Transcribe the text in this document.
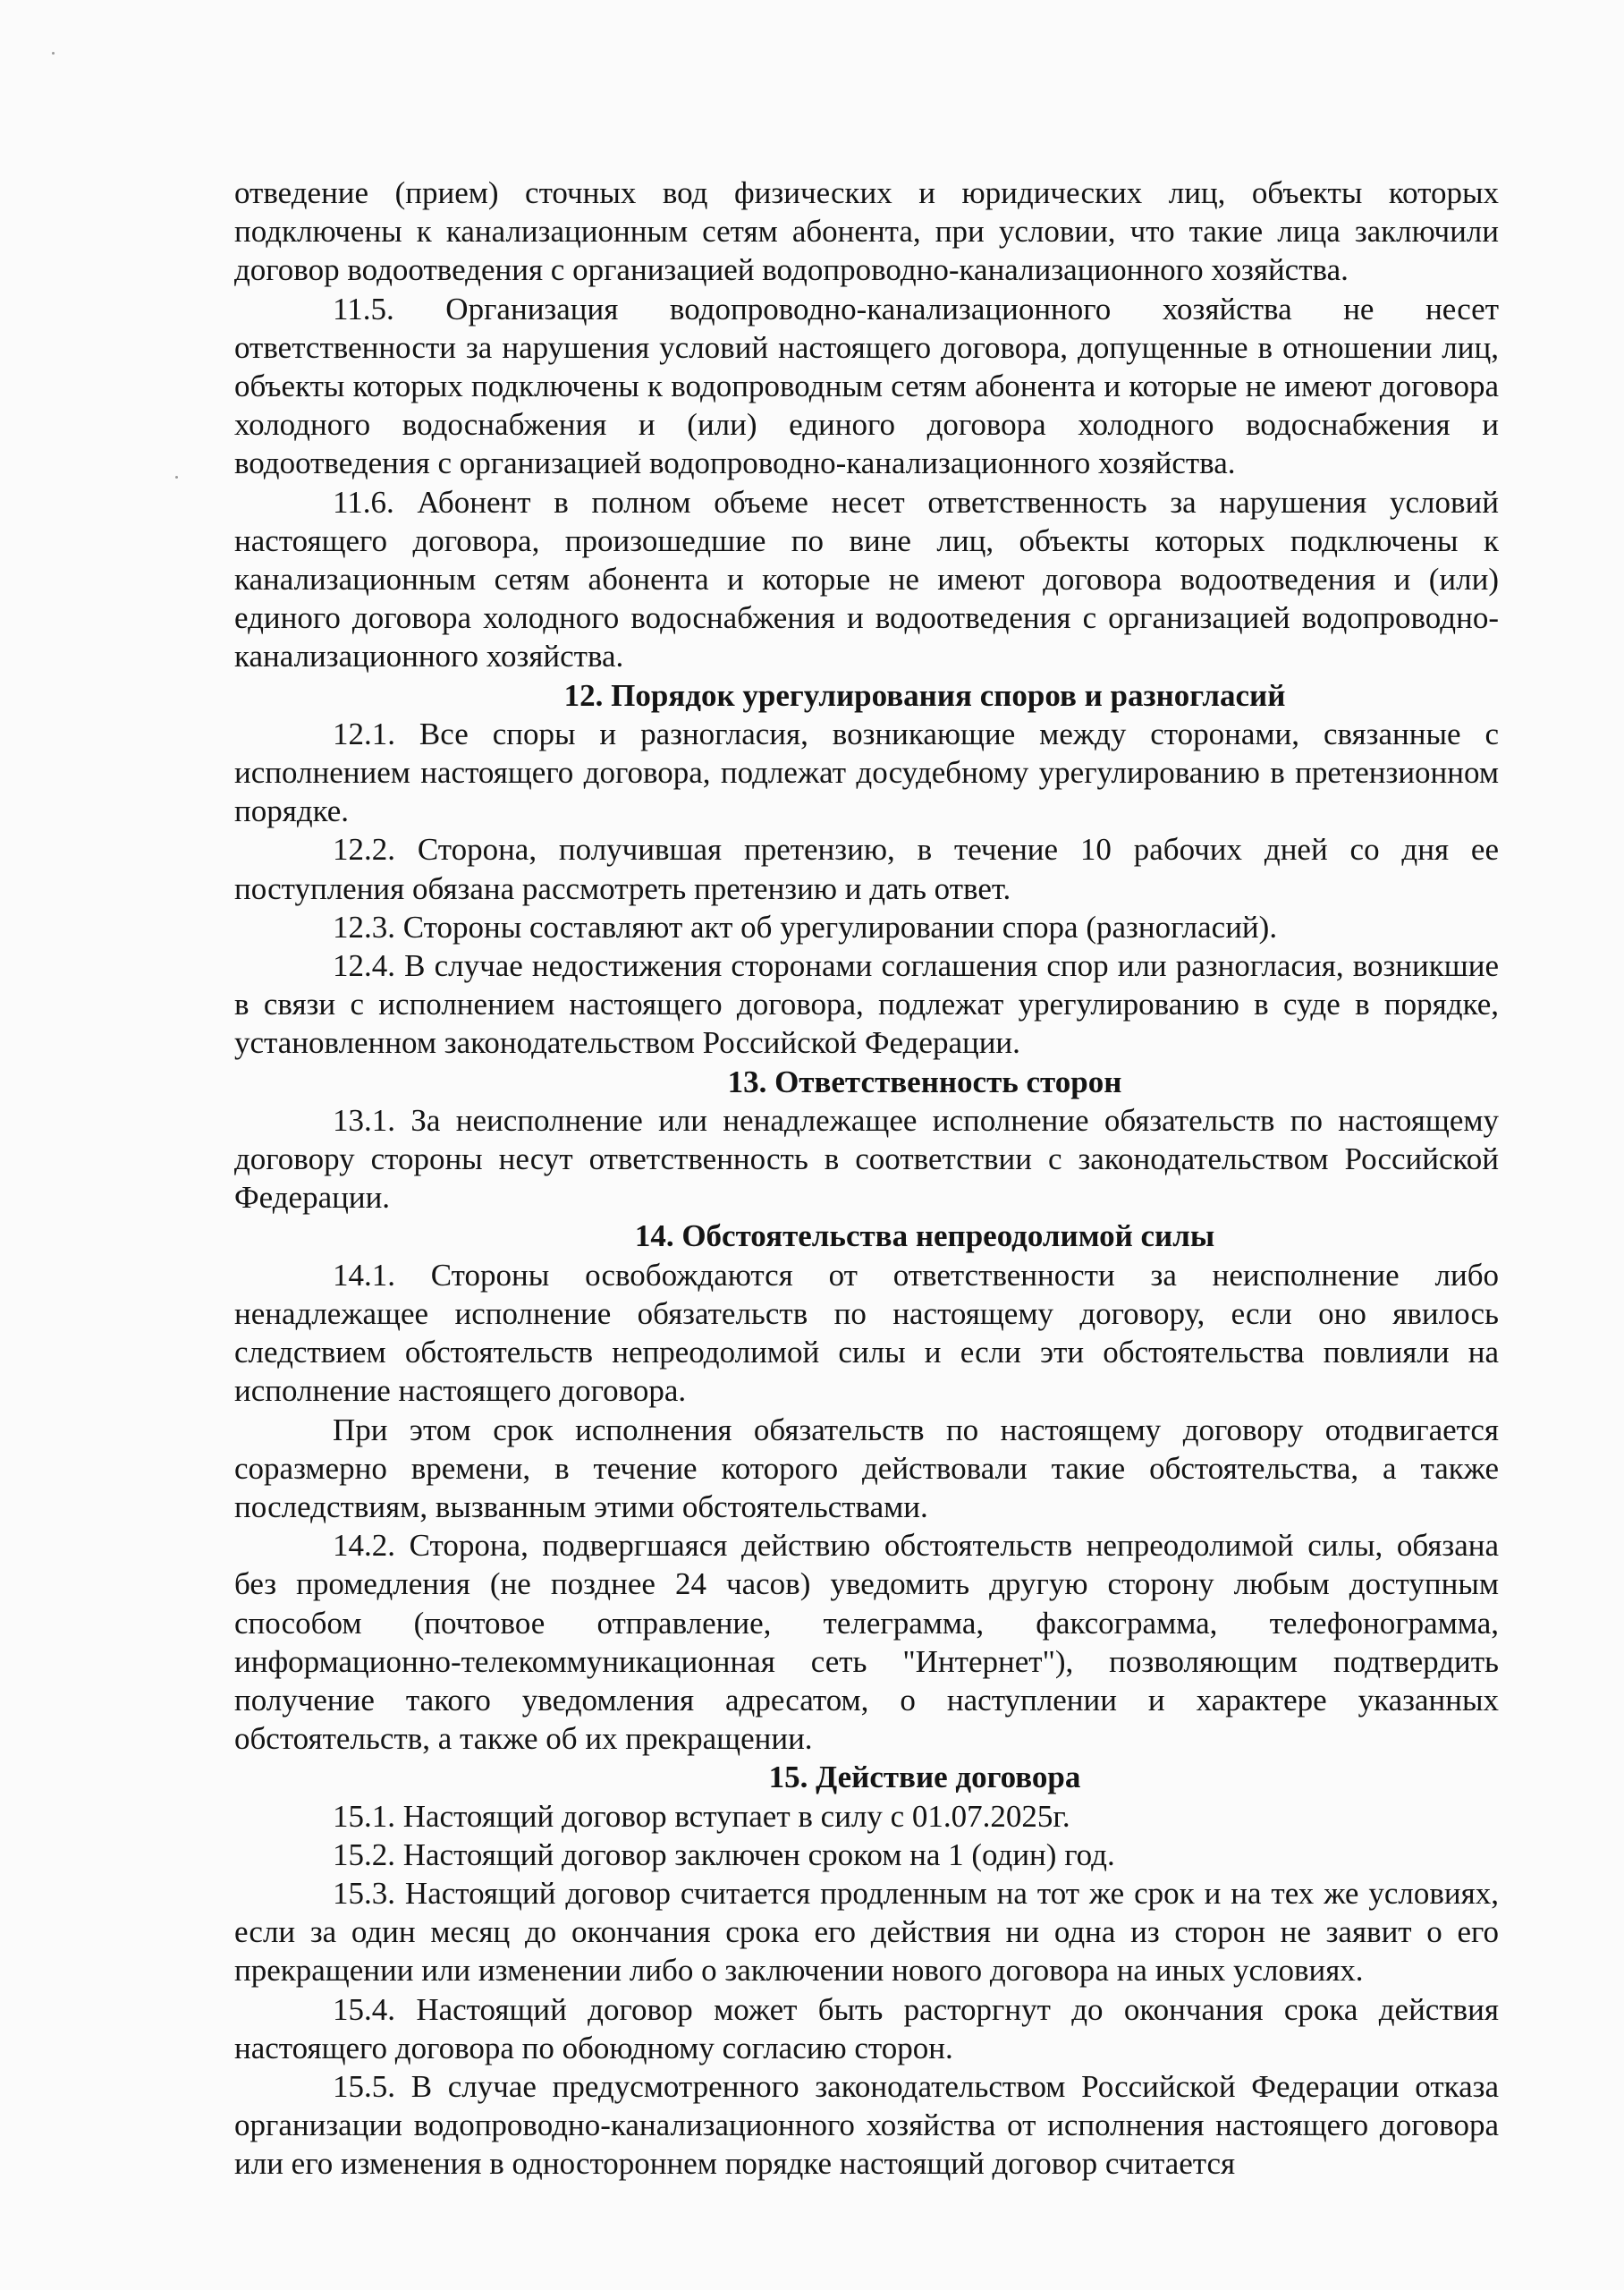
отведение (прием) сточных вод физических и юридических лиц, объекты которых подключены к канализационным сетям абонента, при условии, что такие лица заключили договор водоотведения с организацией водопроводно-канализационного хозяйства.

11.5. Организация водопроводно-канализационного хозяйства не несет ответственности за нарушения условий настоящего договора, допущенные в отношении лиц, объекты которых подключены к водопроводным сетям абонента и которые не имеют договора холодного водоснабжения и (или) единого договора холодного водоснабжения и водоотведения с организацией водопроводно-канализационного хозяйства.

11.6. Абонент в полном объеме несет ответственность за нарушения условий настоящего договора, произошедшие по вине лиц, объекты которых подключены к канализационным сетям абонента и которые не имеют договора водоотведения и (или) единого договора холодного водоснабжения и водоотведения с организацией водопроводно-канализационного хозяйства.

12. Порядок урегулирования споров и разногласий

12.1. Все споры и разногласия, возникающие между сторонами, связанные с исполнением настоящего договора, подлежат досудебному урегулированию в претензионном порядке.

12.2. Сторона, получившая претензию, в течение 10 рабочих дней со дня ее поступления обязана рассмотреть претензию и дать ответ.

12.3. Стороны составляют акт об урегулировании спора (разногласий).

12.4. В случае недостижения сторонами соглашения спор или разногласия, возникшие в связи с исполнением настоящего договора, подлежат урегулированию в суде в порядке, установленном законодательством Российской Федерации.

13. Ответственность сторон

13.1. За неисполнение или ненадлежащее исполнение обязательств по настоящему договору стороны несут ответственность в соответствии с законодательством Российской Федерации.

14. Обстоятельства непреодолимой силы

14.1. Стороны освобождаются от ответственности за неисполнение либо ненадлежащее исполнение обязательств по настоящему договору, если оно явилось следствием обстоятельств непреодолимой силы и если эти обстоятельства повлияли на исполнение настоящего договора.

При этом срок исполнения обязательств по настоящему договору отодвигается соразмерно времени, в течение которого действовали такие обстоятельства, а также последствиям, вызванным этими обстоятельствами.

14.2. Сторона, подвергшаяся действию обстоятельств непреодолимой силы, обязана без промедления (не позднее 24 часов) уведомить другую сторону любым доступным способом (почтовое отправление, телеграмма, факсограмма, телефонограмма, информационно-телекоммуникационная сеть "Интернет"), позволяющим подтвердить получение такого уведомления адресатом, о наступлении и характере указанных обстоятельств, а также об их прекращении.

15. Действие договора

15.1. Настоящий договор вступает в силу с 01.07.2025г.

15.2. Настоящий договор заключен сроком на 1 (один) год.

15.3. Настоящий договор считается продленным на тот же срок и на тех же условиях, если за один месяц до окончания срока его действия ни одна из сторон не заявит о его прекращении или изменении либо о заключении нового договора на иных условиях.

15.4. Настоящий договор может быть расторгнут до окончания срока действия настоящего договора по обоюдному согласию сторон.

15.5. В случае предусмотренного законодательством Российской Федерации отказа организации водопроводно-канализационного хозяйства от исполнения настоящего договора или его изменения в одностороннем порядке настоящий договор считается
